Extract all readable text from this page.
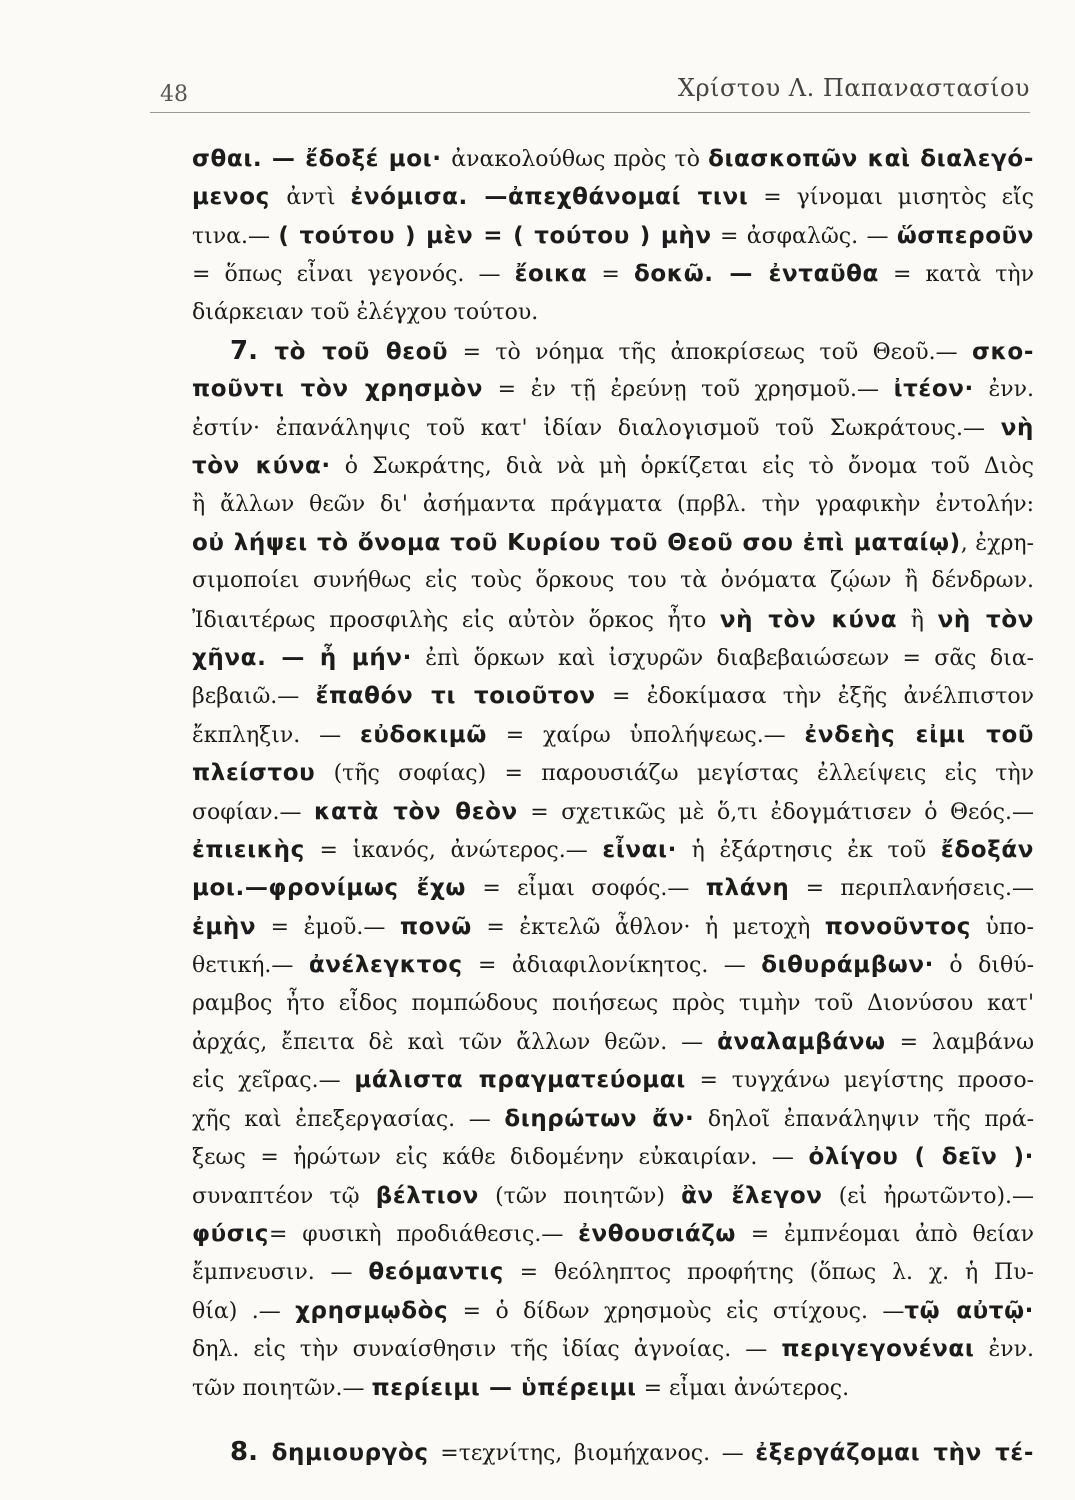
48	Χρίστου Λ. Παπαναστασίου
σθαι. — ἔδοξέ μοι· ἀνακολούθως πρὸς τὸ διασκοπῶν καὶ διαλεγό-
μενος ἀντὶ ἐνόμισα. —ἀπεχθάνομαί τινι = γίνομαι μισητὸς εἴς
τινα.— ( τούτου ) μὲν = ( τούτου ) μὴν = ἀσφαλῶς. — ὥσπεροῦν
= ὅπως εἶναι γεγονός. — ἔοικα = δοκῶ. — ἐνταῦθα = κατὰ τὴν
διάρκειαν τοῦ ἐλέγχου τούτου.
7. τὸ τοῦ θεοῦ = τὸ νόημα τῆς ἀποκρίσεως τοῦ Θεοῦ.— σκο-
ποῦντι τὸν χρησμὸν = ἐν τῇ ἐρεύνῃ τοῦ χρησμοῦ.— ἰτέον· ἐνν.
ἐστίν· ἐπανάληψις τοῦ κατ' ἰδίαν διαλογισμοῦ τοῦ Σωκράτους.— νὴ
τὸν κύνα· ὁ Σωκράτης, διὰ νὰ μὴ ὁρκίζεται εἰς τὸ ὄνομα τοῦ Διὸς
ἢ ἄλλων θεῶν δι' ἀσήμαντα πράγματα (πρβλ. τὴν γραφικὴν ἐντολήν:
οὐ λήψει τὸ ὄνομα τοῦ Κυρίου τοῦ Θεοῦ σου ἐπὶ ματαίῳ), ἐχρη-
σιμοποίει συνήθως εἰς τοὺς ὅρκους του τὰ ὀνόματα ζῴων ἢ δένδρων.
Ἰδιαιτέρως προσφιλὴς εἰς αὐτὸν ὅρκος ἦτο νὴ τὸν κύνα ἢ νὴ τὸν
χῆνα. — ἦ μήν· ἐπὶ ὅρκων καὶ ἰσχυρῶν διαβεβαιώσεων = σᾶς δια-
βεβαιῶ.— ἔπαθόν τι τοιοῦτον = ἐδοκίμασα τὴν ἐξῆς ἀνέλπιστον
ἔκπληξιν. — εὐδοκιμῶ = χαίρω ὑπολήψεως.— ἐνδεὴς εἰμι τοῦ
πλείστου (τῆς σοφίας) = παρουσιάζω μεγίστας ἐλλείψεις εἰς τὴν
σοφίαν.— κατὰ τὸν θεὸν = σχετικῶς μὲ ὅ,τι ἐδογμάτισεν ὁ Θεός.—
ἐπιεικὴς = ἱκανός, ἀνώτερος.— εἶναι· ἡ ἐξάρτησις ἐκ τοῦ ἔδοξάν
μοι.—φρονίμως ἔχω = εἶμαι σοφός.— πλάνη = περιπλανήσεις.—
ἐμὴν = ἐμοῦ.— πονῶ = ἐκτελῶ ἆθλον· ἡ μετοχὴ πονοῦντος ὑπο-
θετική.— ἀνέλεγκτος = ἀδιαφιλονίκητος. — διθυράμβων· ὁ διθύ-
ραμβος ἦτο εἶδος πομπώδους ποιήσεως πρὸς τιμὴν τοῦ Διονύσου κατ'
ἀρχάς, ἔπειτα δὲ καὶ τῶν ἄλλων θεῶν. — ἀναλαμβάνω = λαμβάνω
εἰς χεῖρας.— μάλιστα πραγματεύομαι = τυγχάνω μεγίστης προσο-
χῆς καὶ ἐπεξεργασίας. — διηρώτων ἄν· δηλοῖ ἐπανάληψιν τῆς πρά-
ξεως = ἠρώτων εἰς κάθε διδομένην εὐκαιρίαν. — ὀλίγου ( δεῖν )·
συναπτέον τῷ βέλτιον (τῶν ποιητῶν) ἂν ἔλεγον (εἰ ἠρωτῶντο).—
φύσις= φυσικὴ προδιάθεσις.— ἐνθουσιάζω = ἐμπνέομαι ἀπὸ θείαν
ἔμπνευσιν. — θεόμαντις = θεόληπτος προφήτης (ὅπως λ. χ. ἡ Πυ-
θία) .— χρησμῳδὸς = ὁ δίδων χρησμοὺς εἰς στίχους. —τῷ αὐτῷ·
δηλ. εἰς τὴν συναίσθησιν τῆς ἰδίας ἀγνοίας. — περιγεγονέναι ἐνν.
τῶν ποιητῶν.— περίειμι — ὑπέρειμι = εἶμαι ἀνώτερος.
8. δημιουργὸς =τεχνίτης, βιομήχανος. — ἐξεργάζομαι τὴν τέ-
